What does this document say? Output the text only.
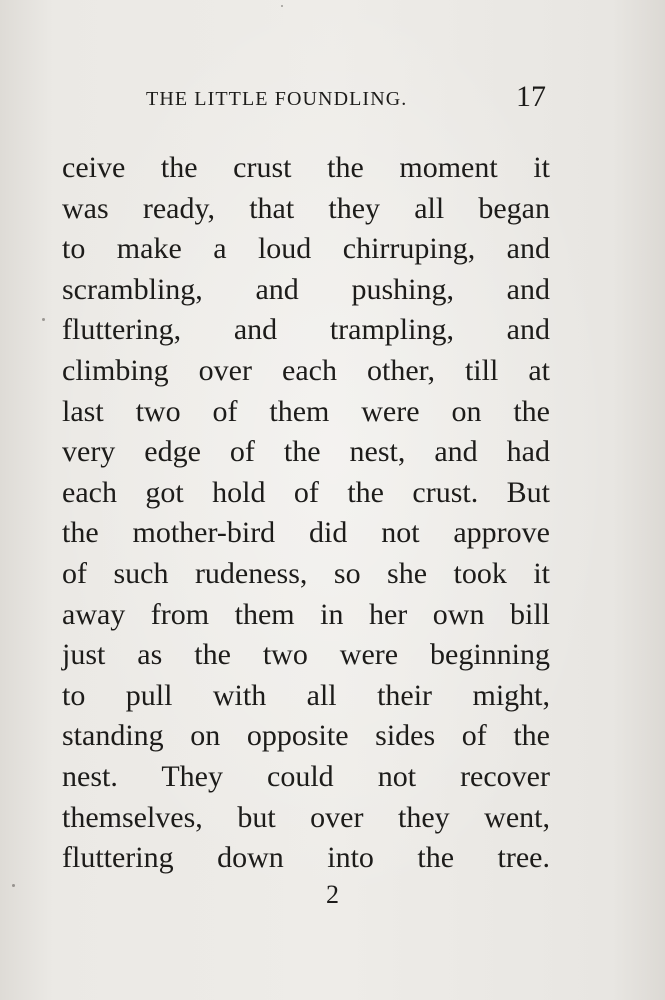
THE LITTLE FOUNDLING.	17
ceive the crust the moment it
was ready, that they all began
to make a loud chirruping, and
scrambling, and pushing, and
fluttering, and trampling, and
climbing over each other, till at
last two of them were on the
very edge of the nest, and had
each got hold of the crust. But
the mother-bird did not approve
of such rudeness, so she took it
away from them in her own bill
just as the two were beginning
to pull with all their might,
standing on opposite sides of the
nest. They could not recover
themselves, but over they went,
fluttering down into the tree.
2
